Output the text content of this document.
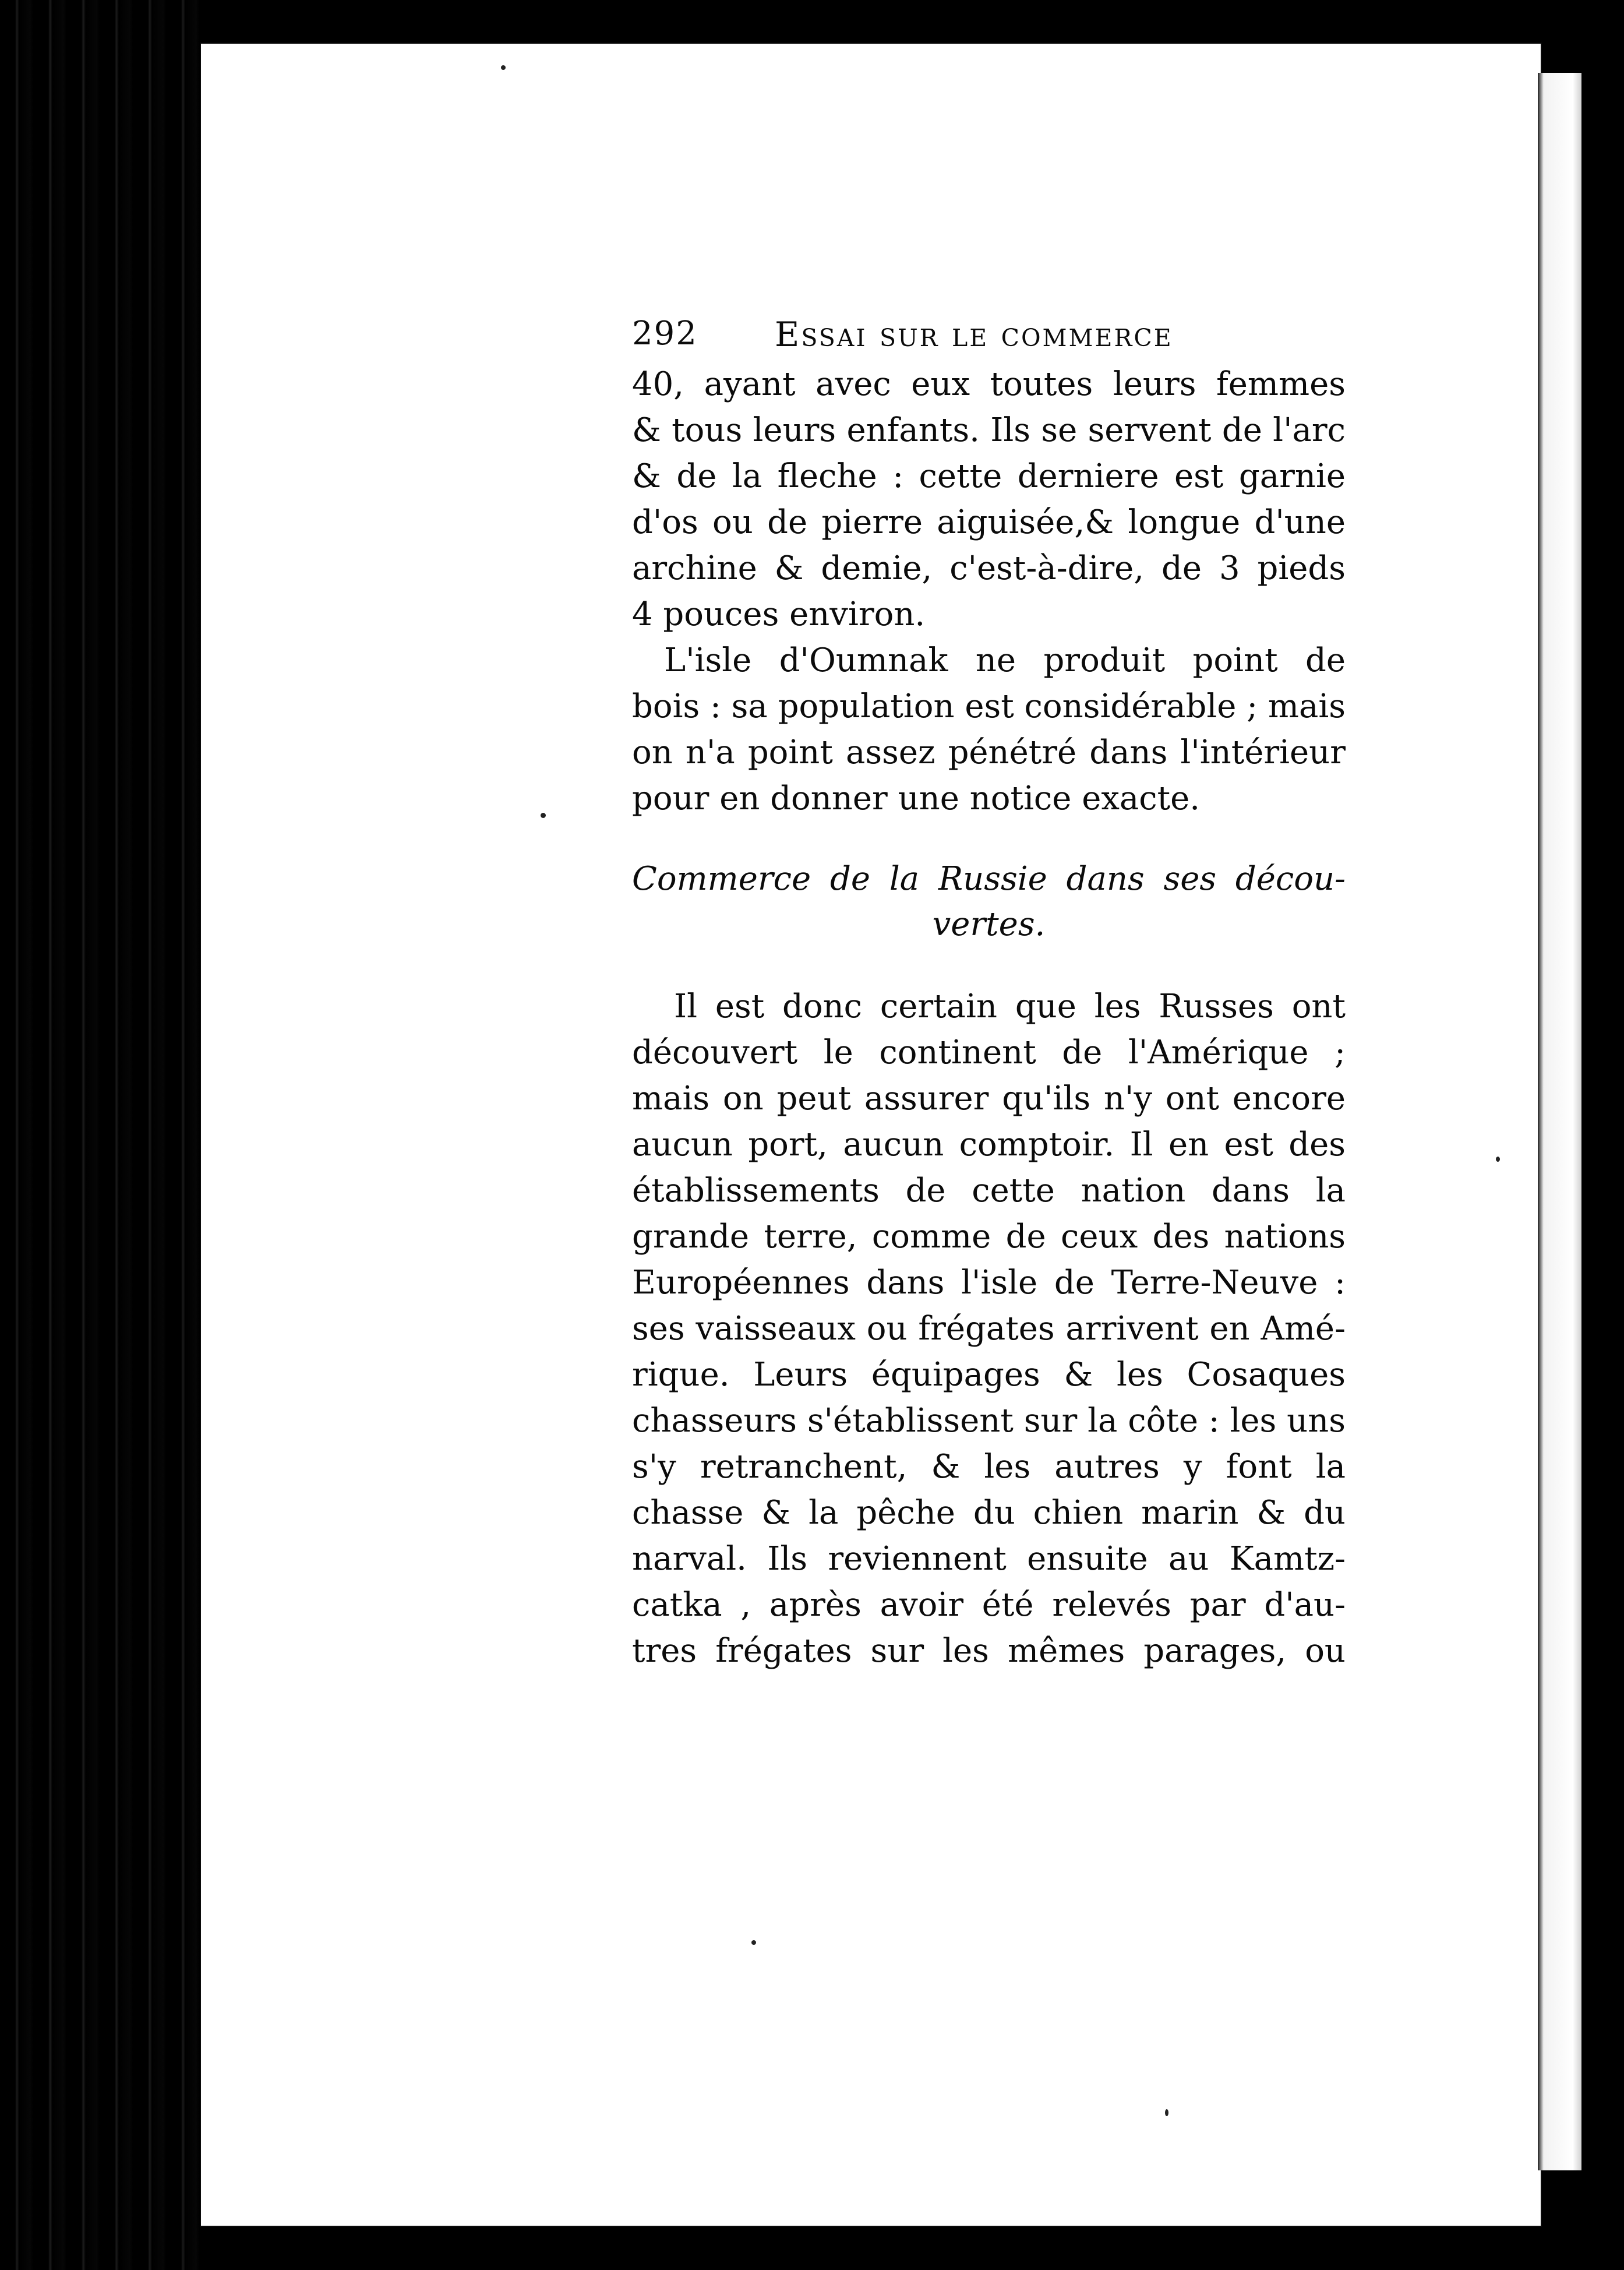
292 Essai sur le commerce
40, ayant avec eux toutes leurs femmes
& tous leurs enfants. Ils se servent de l'arc
& de la fleche : cette derniere est garnie
d'os ou de pierre aiguisée,& longue d'une
archine & demie, c'est-à-dire, de 3 pieds
4 pouces environ.
L'isle d'Oumnak ne produit point de
bois : sa population est considérable ; mais
on n'a point assez pénétré dans l'intérieur
pour en donner une notice exacte.
Commerce de la Russie dans ses décou-
vertes.
Il est donc certain que les Russes ont
découvert le continent de l'Amérique ;
mais on peut assurer qu'ils n'y ont encore
aucun port, aucun comptoir. Il en est des
établissements de cette nation dans la
grande terre, comme de ceux des nations
Européennes dans l'isle de Terre-Neuve :
ses vaisseaux ou frégates arrivent en Amé-
rique. Leurs équipages & les Cosaques
chasseurs s'établissent sur la côte : les uns
s'y retranchent, & les autres y font la
chasse & la pêche du chien marin & du
narval. Ils reviennent ensuite au Kamtz-
catka , après avoir été relevés par d'au-
tres frégates sur les mêmes parages, ou
